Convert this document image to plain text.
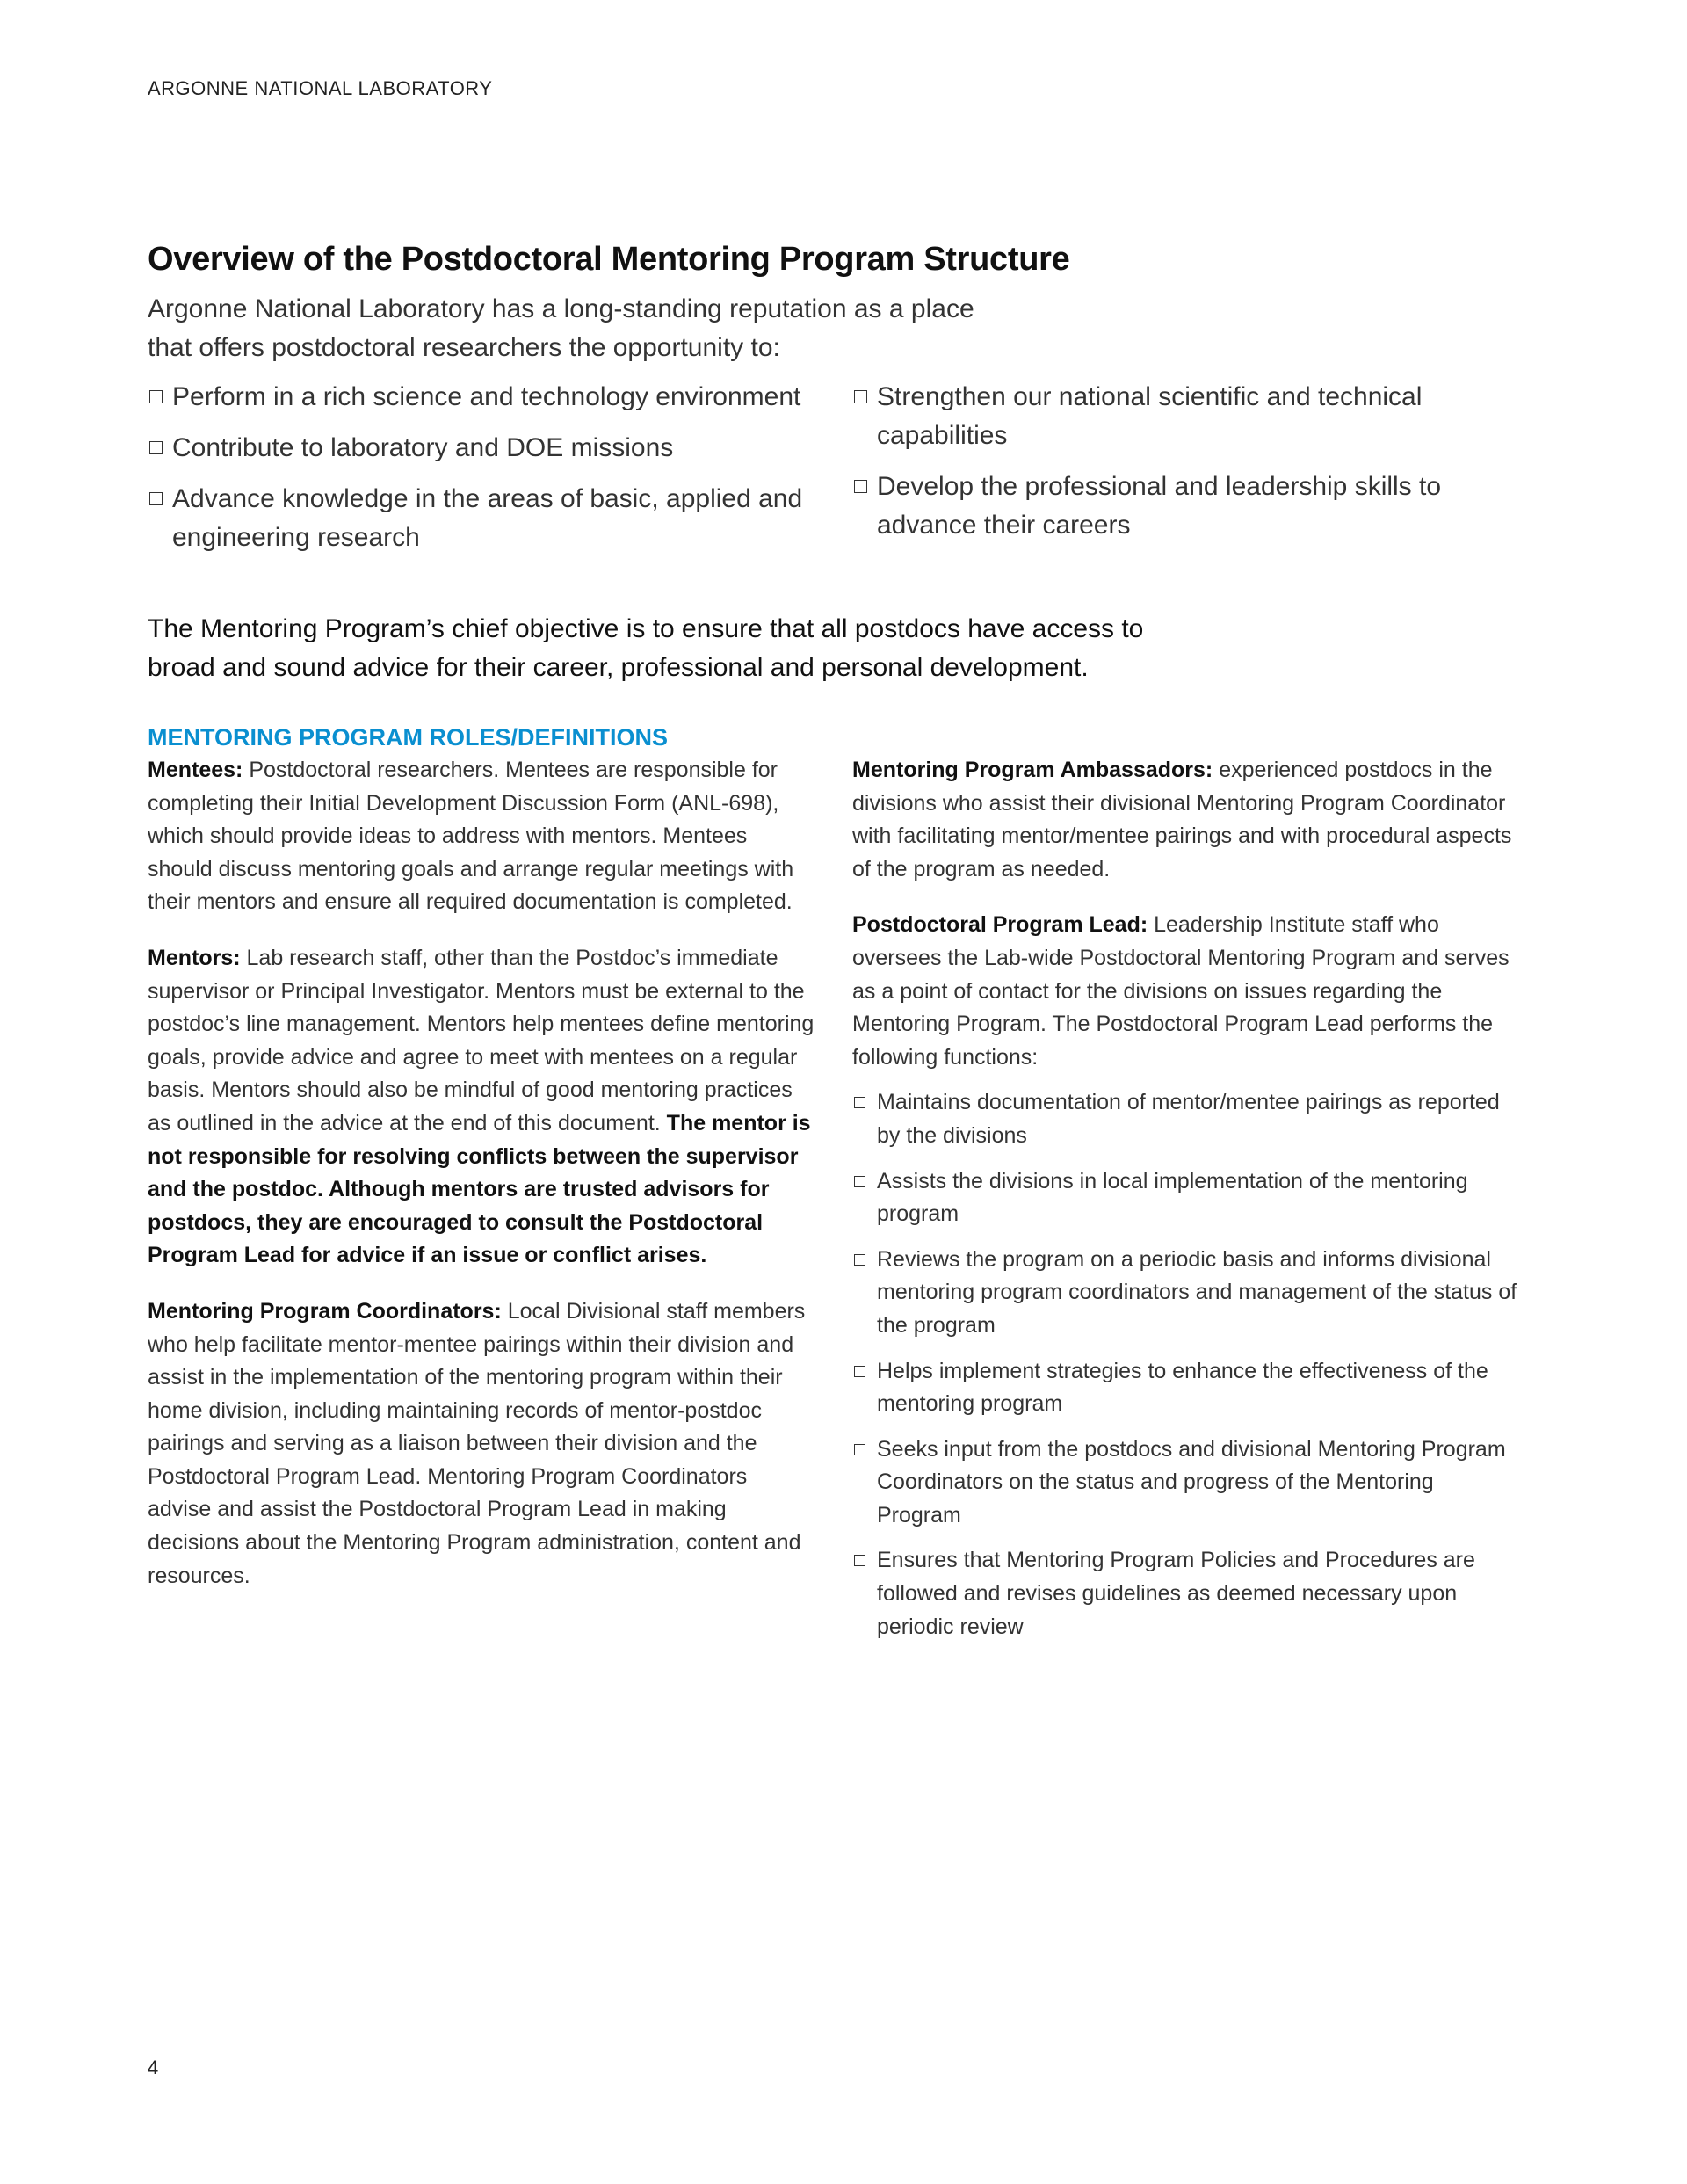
ARGONNE NATIONAL LABORATORY
Overview of the Postdoctoral Mentoring Program Structure

Argonne National Laboratory has a long-standing reputation as a place

that offers postdoctoral researchers the opportunity to:

Perform in a rich science and technology environment
Contribute to laboratory and DOE missions
Advance knowledge in the areas of basic, applied and engineering research
Strengthen our national scientific and technical capabilities
Develop the professional and leadership skills to advance their careers

The Mentoring Program’s chief objective is to ensure that all postdocs have access to

broad and sound advice for their career, professional and personal development.

MENTORING PROGRAM ROLES/DEFINITIONS

Mentees: Postdoctoral researchers. Mentees are responsible for completing their Initial Development Discussion Form (ANL-698), which should provide ideas to address with mentors. Mentees should discuss mentoring goals and arrange regular meetings with their mentors and ensure all required documentation is completed.

Mentors: Lab research staff, other than the Postdoc’s immediate supervisor or Principal Investigator. Mentors must be external to the postdoc’s line management. Mentors help mentees define mentoring goals, provide advice and agree to meet with mentees on a regular basis. Mentors should also be mindful of good mentoring practices as outlined in the advice at the end of this document. The mentor is not responsible for resolving conflicts between the supervisor and the postdoc. Although mentors are trusted advisors for postdocs, they are encouraged to consult the Postdoctoral Program Lead for advice if an issue or conflict arises.

Mentoring Program Coordinators: Local Divisional staff members who help facilitate mentor-mentee pairings within their division and assist in the implementation of the mentoring program within their home division, including maintaining records of mentor-postdoc pairings and serving as a liaison between their division and the Postdoctoral Program Lead. Mentoring Program Coordinators advise and assist the Postdoctoral Program Lead in making decisions about the Mentoring Program administration, content and resources.

Mentoring Program Ambassadors: experienced postdocs in the divisions who assist their divisional Mentoring Program Coordinator with facilitating mentor/mentee pairings and with procedural aspects of the program as needed.

Postdoctoral Program Lead: Leadership Institute staff who oversees the Lab-wide Postdoctoral Mentoring Program and serves as a point of contact for the divisions on issues regarding the Mentoring Program. The Postdoctoral Program Lead performs the following functions:

Maintains documentation of mentor/mentee pairings as reported by the divisions
Assists the divisions in local implementation of the mentoring program
Reviews the program on a periodic basis and informs divisional mentoring program coordinators and management of the status of the program
Helps implement strategies to enhance the effectiveness of the mentoring program
Seeks input from the postdocs and divisional Mentoring Program Coordinators on the status and progress of the Mentoring Program
Ensures that Mentoring Program Policies and Procedures are followed and revises guidelines as deemed necessary upon periodic review
4
